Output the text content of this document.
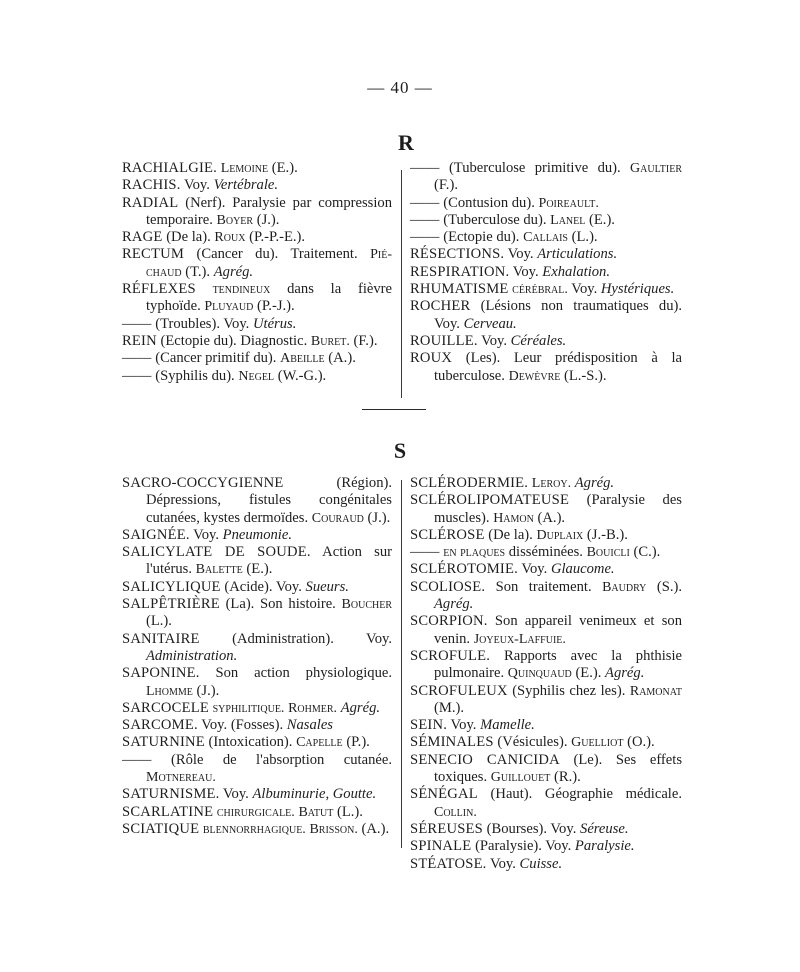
— 40 —
R
RACHIALGIE. Lemoine (E.).
RACHIS. Voy. Vertébrale.
RADIAL (Nerf). Paralysie par compression temporaire. Boyer (J.).
RAGE (De la). Roux (P.-P.-E.).
RECTUM (Cancer du). Traitement. Pié-chaud (T.). Agrég.
RÉFLEXES tendineux dans la fièvre typhoïde. Pluyaud (P.-J.).
—— (Troubles). Voy. Utérus.
REIN (Ectopie du). Diagnostic. Buret. (F.).
—— (Cancer primitif du). Abeille (A.).
—— (Syphilis du). Negel (W.-G.).
—— (Tuberculose primitive du). Gaultier (F.).
—— (Contusion du). Poireault.
—— (Tuberculose du). Lanel (E.).
—— (Ectopie du). Callais (L.).
RÉSECTIONS. Voy. Articulations.
RESPIRATION. Voy. Exhalation.
RHUMATISME cérébral. Voy. Hystériques.
ROCHER (Lésions non traumatiques du). Voy. Cerveau.
ROUILLE. Voy. Céréales.
ROUX (Les). Leur prédisposition à la tuberculose. Dewèvre (L.-S.).
S
SACRO-COCCYGIENNE	(Région). Dépressions, fistules congénitales cutanées, kystes dermoïdes. Couraud (J.).
SAIGNÉE. Voy. Pneumonie.
SALICYLATE DE SOUDE. Action sur l'utérus. Balette (E.).
SALICYLIQUE (Acide). Voy. Sueurs.
SALPÊTRIÈRE (La). Son histoire. Boucher (L.).
SANITAIRE (Administration). Voy. Administration.
SAPONINE. Son action physiologique. Lhomme (J.).
SARCOCELE syphilitique. Rohmer. Agrég.
SARCOME. Voy. (Fosses). Nasales
SATURNINE (Intoxication). Capelle (P.).
—— (Rôle de l'absorption cutanée. Motnereau.
SATURNISME. Voy. Albuminurie, Goutte.
SCARLATINE chirurgicale. Batut (L.).
SCIATIQUE blennorrhagique. Brisson. (A.).
SCLÉRODERMIE. Leroy. Agrég.
SCLÉROLIPOMATEUSE (Paralysie des muscles). Hamon (A.).
SCLÉROSE (De la). Duplaix (J.-B.).
—— en plaques disséminées. Bouicli (C.).
SCLÉROTOMIE. Voy. Glaucome.
SCOLIOSE. Son traitement. Baudry (S.). Agrég.
SCORPION. Son appareil venimeux et son venin. Joyeux-Laffuie.
SCROFULE. Rapports avec la phthisie pulmonaire. Quinquaud (E.). Agrég.
SCROFULEUX (Syphilis chez les). Ramonat (M.).
SEIN. Voy. Mamelle.
SÉMINALES (Vésicules). Guelliot (O.).
SENECIO CANICIDA (Le). Ses effets toxiques. Guillouet (R.).
SÉNÉGAL (Haut). Géographie médicale. Collin.
SÉREUSES (Bourses). Voy. Séreuse.
SPINALE (Paralysie). Voy. Paralysie.
STÉATOSE. Voy. Cuisse.
